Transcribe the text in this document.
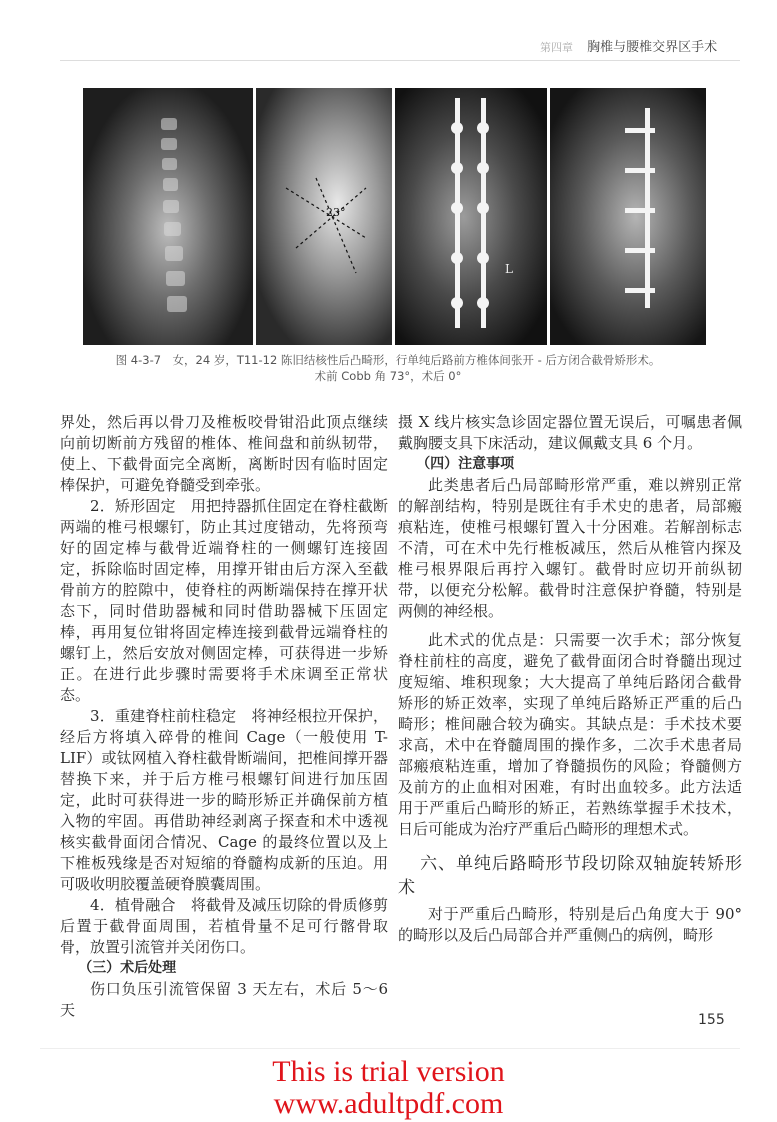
第四章 胸椎与腰椎交界区手术
23°
L
图 4-3-7　女，24 岁，T11-12 陈旧结核性后凸畸形，行单纯后路前方椎体间张开 - 后方闭合截骨矫形术。
术前 Cobb 角 73°，术后 0°

界处，然后再以骨刀及椎板咬骨钳沿此顶点继续向前切断前方残留的椎体、椎间盘和前纵韧带，使上、下截骨面完全离断，离断时因有临时固定棒保护，可避免脊髓受到牵张。

2．矫形固定　用把持器抓住固定在脊柱截断两端的椎弓根螺钉，防止其过度错动，先将预弯好的固定棒与截骨近端脊柱的一侧螺钉连接固定，拆除临时固定棒，用撑开钳由后方深入至截骨前方的腔隙中，使脊柱的两断端保持在撑开状态下，同时借助器械和同时借助器械下压固定棒，再用复位钳将固定棒连接到截骨远端脊柱的螺钉上，然后安放对侧固定棒，可获得进一步矫正。在进行此步骤时需要将手术床调至正常状态。

3．重建脊柱前柱稳定　将神经根拉开保护，经后方将填入碎骨的椎间 Cage（一般使用 T-LIF）或钛网植入脊柱截骨断端间，把椎间撑开器替换下来，并于后方椎弓根螺钉间进行加压固定，此时可获得进一步的畸形矫正并确保前方植入物的牢固。再借助神经剥离子探查和术中透视核实截骨面闭合情况、Cage 的最终位置以及上下椎板残缘是否对短缩的脊髓构成新的压迫。用可吸收明胶覆盖硬脊膜囊周围。

4．植骨融合　将截骨及减压切除的骨质修剪后置于截骨面周围，若植骨量不足可行髂骨取骨，放置引流管并关闭伤口。

（三）术后处理

伤口负压引流管保留 3 天左右，术后 5～6 天

摄 X 线片核实急诊固定器位置无误后，可嘱患者佩戴胸腰支具下床活动，建议佩戴支具 6 个月。

（四）注意事项

此类患者后凸局部畸形常严重，难以辨别正常的解剖结构，特别是既往有手术史的患者，局部瘢痕粘连，使椎弓根螺钉置入十分困难。若解剖标志不清，可在术中先行椎板减压，然后从椎管内探及椎弓根界限后再拧入螺钉。截骨时应切开前纵韧带，以便充分松解。截骨时注意保护脊髓，特别是两侧的神经根。

此术式的优点是：只需要一次手术；部分恢复脊柱前柱的高度，避免了截骨面闭合时脊髓出现过度短缩、堆积现象；大大提高了单纯后路闭合截骨矫形的矫正效率，实现了单纯后路矫正严重的后凸畸形；椎间融合较为确实。其缺点是：手术技术要求高，术中在脊髓周围的操作多，二次手术患者局部瘢痕粘连重，增加了脊髓损伤的风险；脊髓侧方及前方的止血相对困难，有时出血较多。此方法适用于严重后凸畸形的矫正，若熟练掌握手术技术，日后可能成为治疗严重后凸畸形的理想术式。

六、单纯后路畸形节段切除双轴旋转矫形术

对于严重后凸畸形，特别是后凸角度大于 90°的畸形以及后凸局部合并严重侧凸的病例，畸形

155
This is trial version
www.adultpdf.com
